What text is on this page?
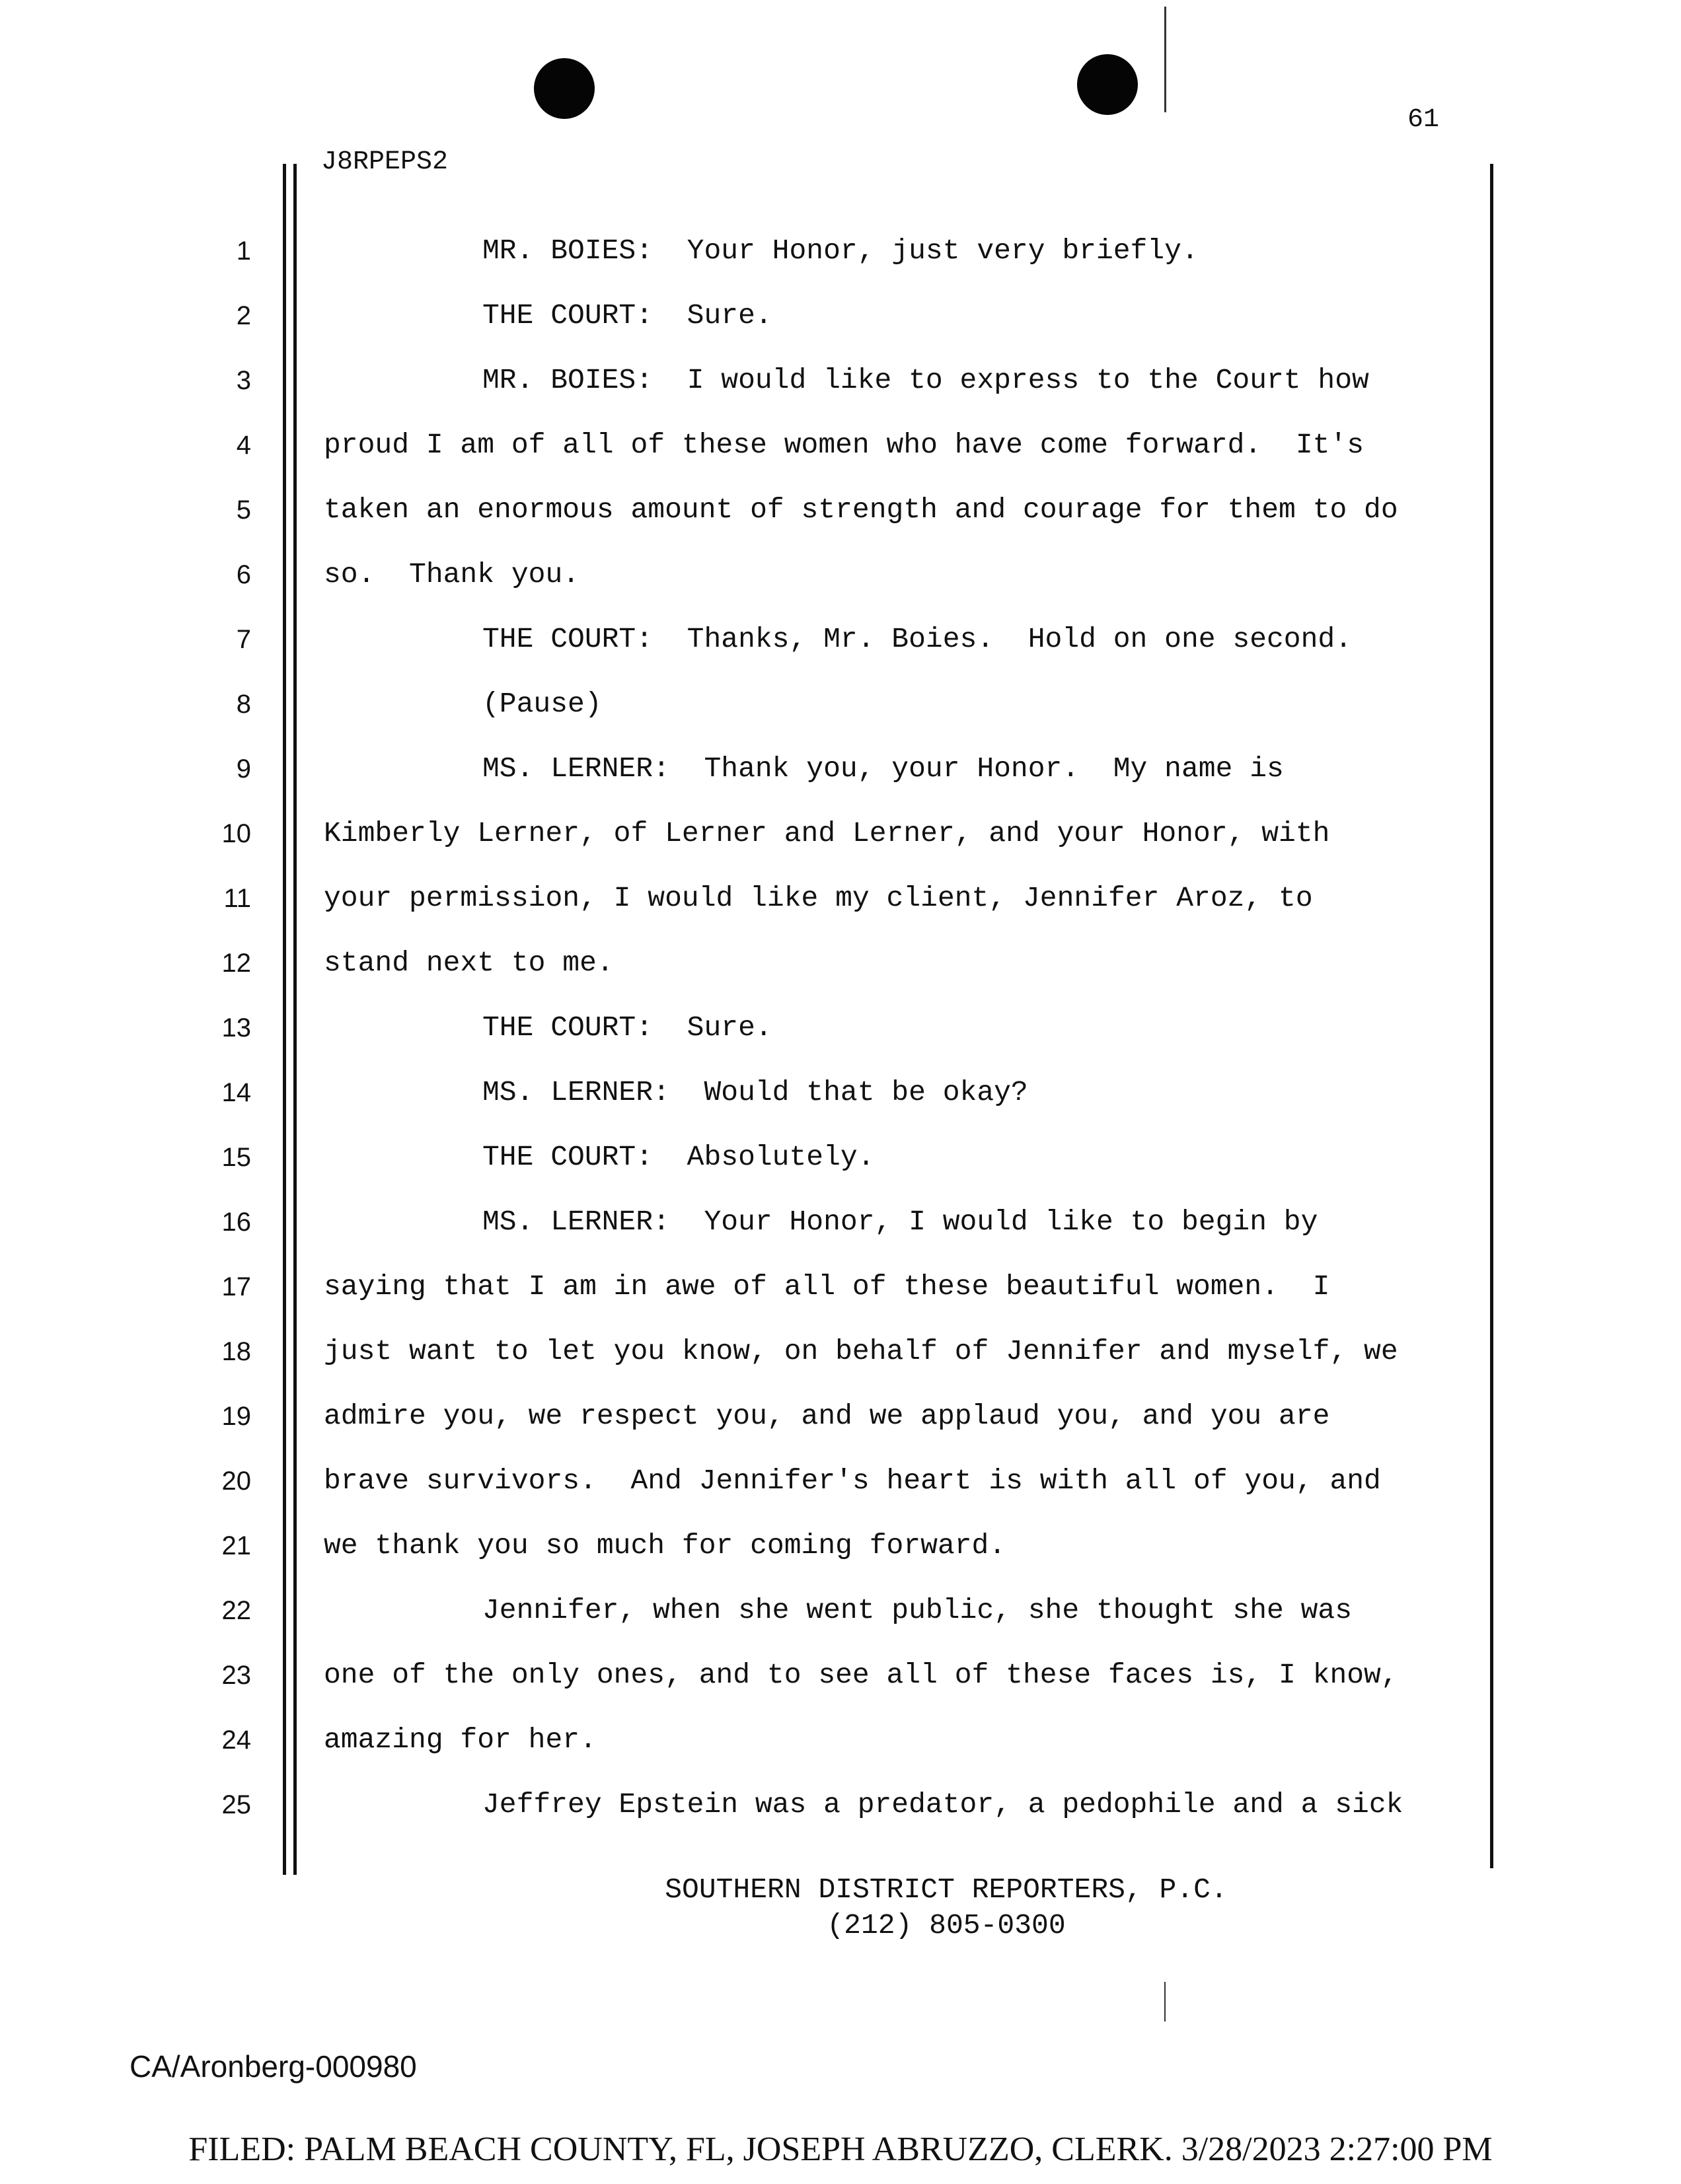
61
J8RPEPS2
1	MR. BOIES:  Your Honor, just very briefly.
2	THE COURT:  Sure.
3	MR. BOIES:  I would like to express to the Court how
4	proud I am of all of these women who have come forward.  It's
5	taken an enormous amount of strength and courage for them to do
6	so.  Thank you.
7	THE COURT:  Thanks, Mr. Boies.  Hold on one second.
8	(Pause)
9	MS. LERNER:  Thank you, your Honor.  My name is
10	Kimberly Lerner, of Lerner and Lerner, and your Honor, with
11	your permission, I would like my client, Jennifer Aroz, to
12	stand next to me.
13	THE COURT:  Sure.
14	MS. LERNER:  Would that be okay?
15	THE COURT:  Absolutely.
16	MS. LERNER:  Your Honor, I would like to begin by
17	saying that I am in awe of all of these beautiful women.  I
18	just want to let you know, on behalf of Jennifer and myself, we
19	admire you, we respect you, and we applaud you, and you are
20	brave survivors.  And Jennifer's heart is with all of you, and
21	we thank you so much for coming forward.
22	Jennifer, when she went public, she thought she was
23	one of the only ones, and to see all of these faces is, I know,
24	amazing for her.
25	Jeffrey Epstein was a predator, a pedophile and a sick
SOUTHERN DISTRICT REPORTERS, P.C.
(212) 805-0300
CA/Aronberg-000980
FILED: PALM BEACH COUNTY, FL, JOSEPH ABRUZZO, CLERK. 3/28/2023 2:27:00 PM
